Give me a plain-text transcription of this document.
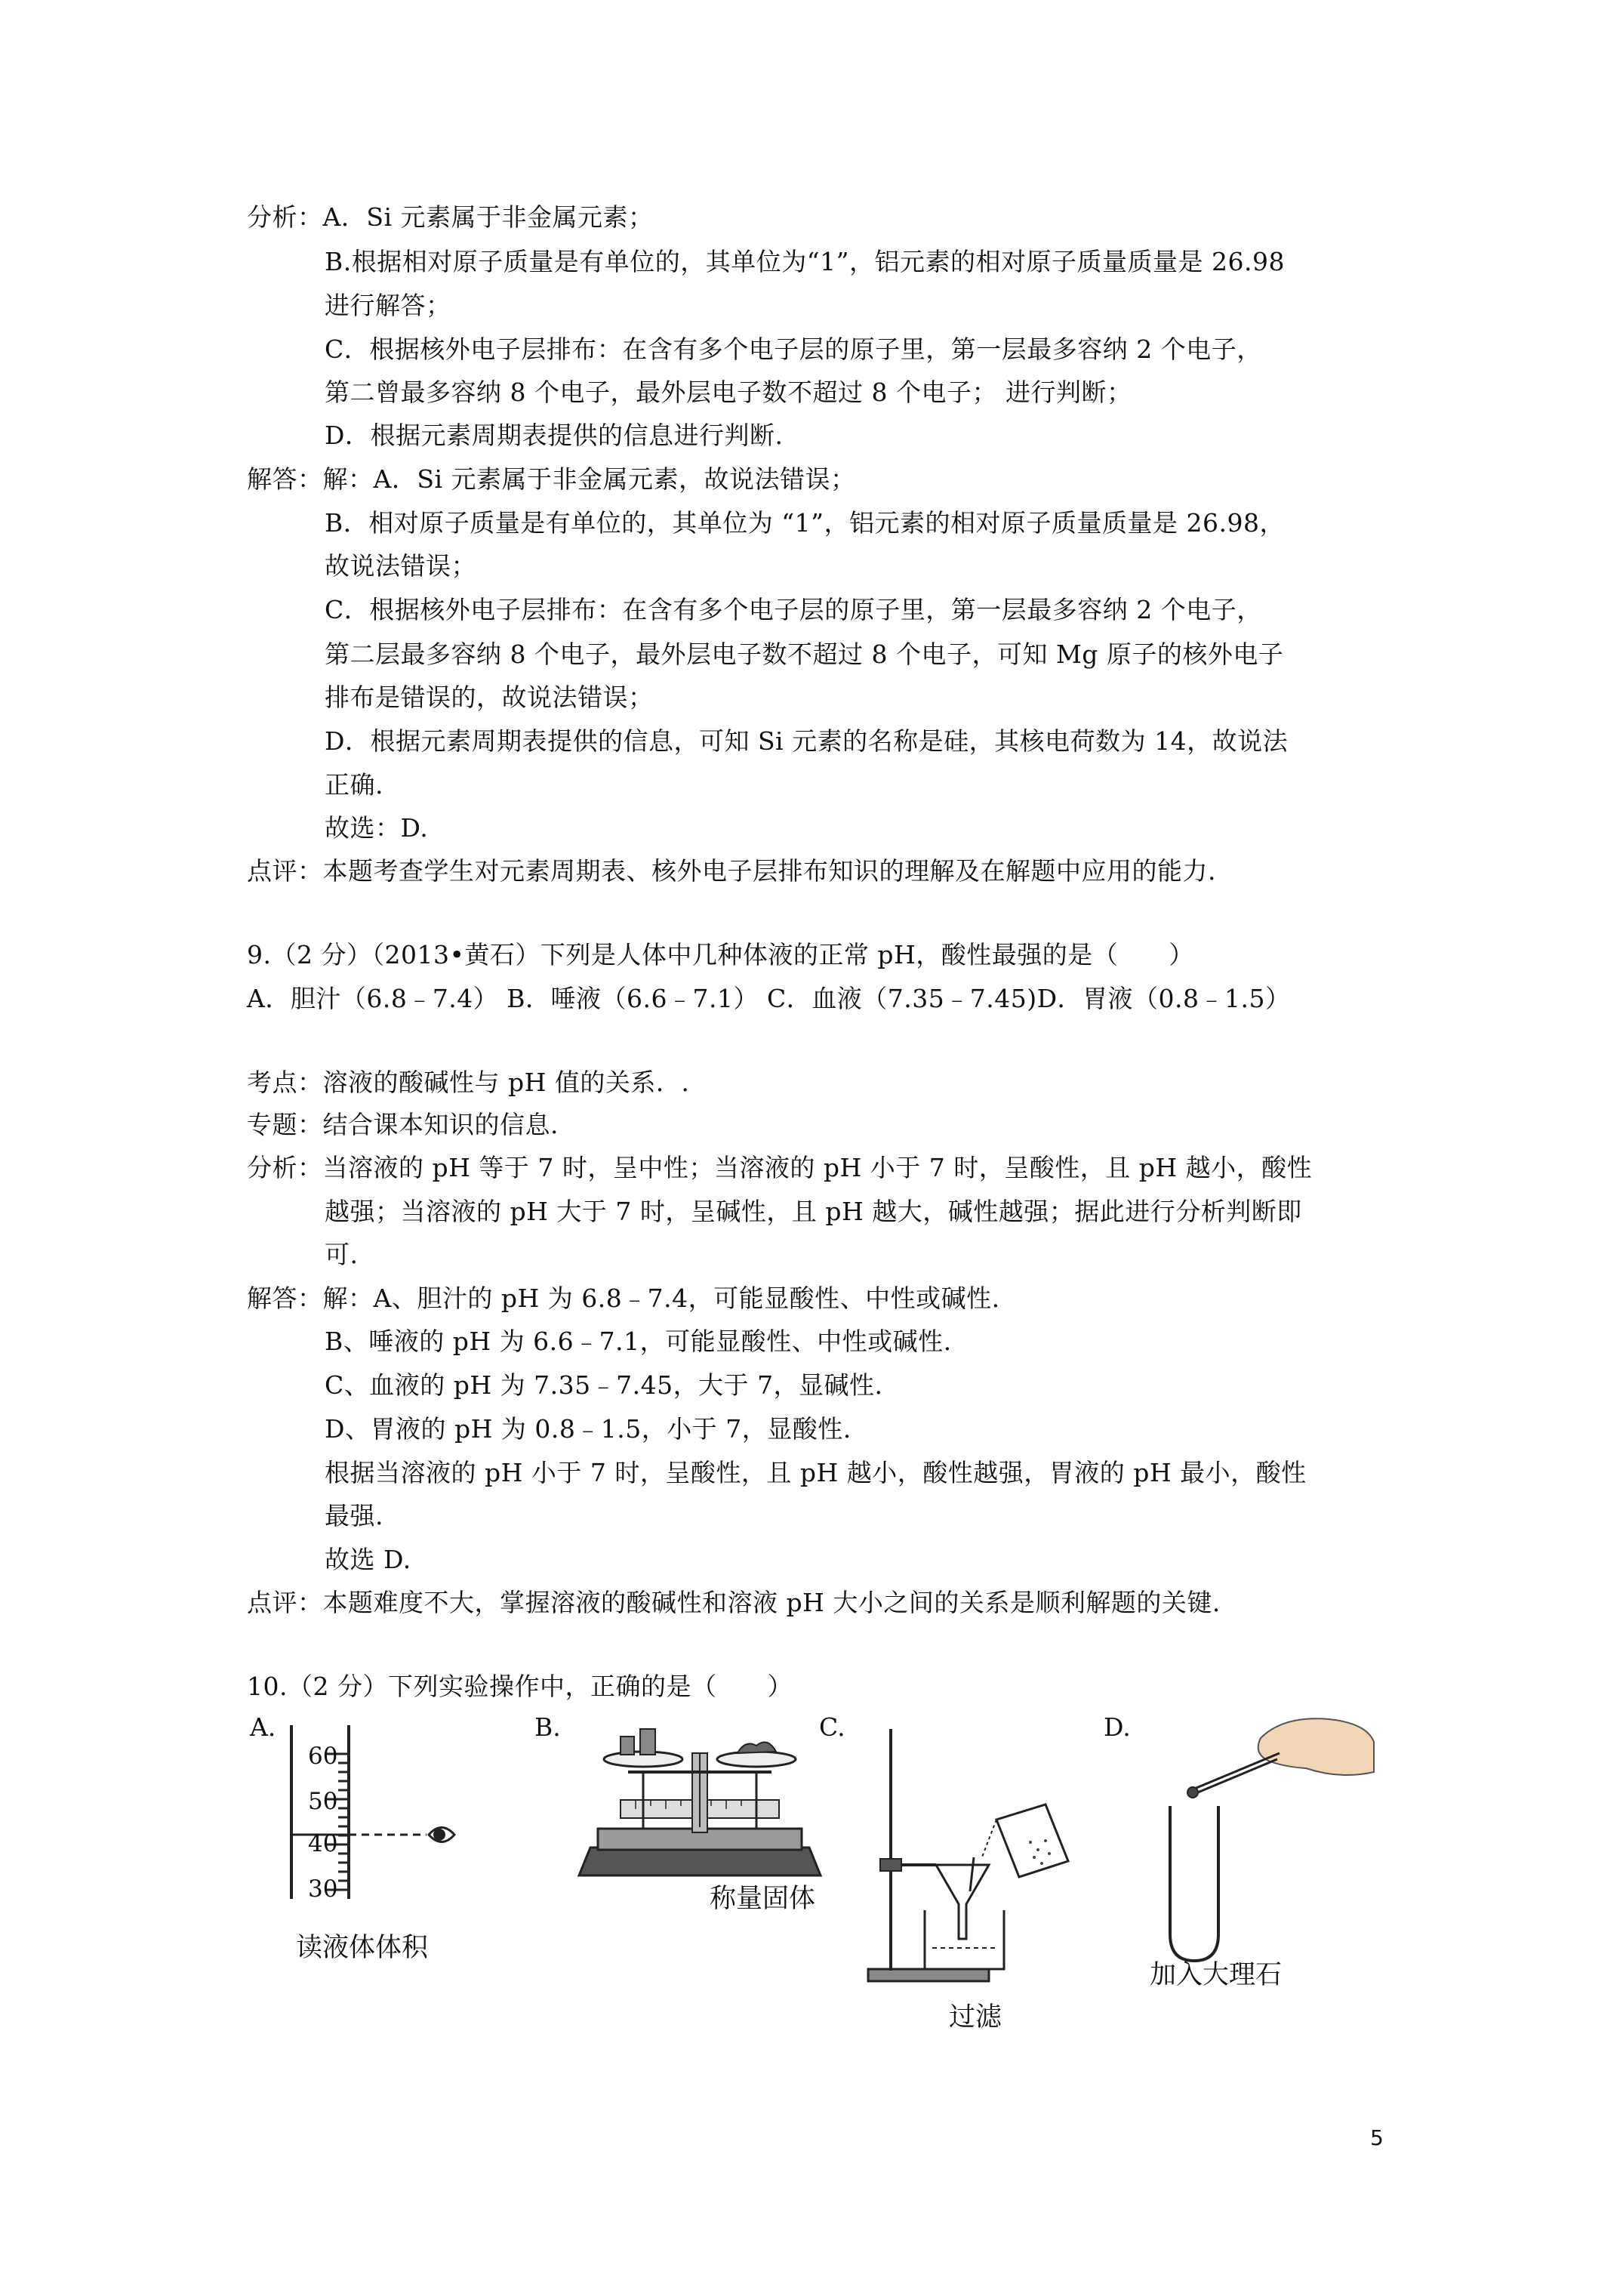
分析：A．Si 元素属于非金属元素；
B.根据相对原子质量是有单位的，其单位为“1”，铝元素的相对原子质量质量是 26.98
进行解答；
C．根据核外电子层排布：在含有多个电子层的原子里，第一层最多容纳 2 个电子，
第二曾最多容纳 8 个电子，最外层电子数不超过 8 个电子； 进行判断；
D．根据元素周期表提供的信息进行判断.
解答：解：A．Si 元素属于非金属元素，故说法错误；
B．相对原子质量是有单位的，其单位为 “1”，铝元素的相对原子质量质量是 26.98，
故说法错误；
C．根据核外电子层排布：在含有多个电子层的原子里，第一层最多容纳 2 个电子，
第二层最多容纳 8 个电子，最外层电子数不超过 8 个电子，可知 Mg 原子的核外电子
排布是错误的，故说法错误；
D．根据元素周期表提供的信息，可知 Si 元素的名称是硅，其核电荷数为 14，故说法
正确.
故选：D.
点评：本题考查学生对元素周期表、核外电子层排布知识的理解及在解题中应用的能力.
9.（2 分）（2013•黄石）下列是人体中几种体液的正常 pH，酸性最强的是（　　）
A．胆汁（6.8﹣7.4） B．唾液（6.6﹣7.1） C．血液（7.35﹣7.45)D．胃液（0.8﹣1.5）
考点：溶液的酸碱性与 pH 值的关系．.
专题：结合课本知识的信息.
分析：当溶液的 pH 等于 7 时，呈中性；当溶液的 pH 小于 7 时，呈酸性，且 pH 越小，酸性
越强；当溶液的 pH 大于 7 时，呈碱性，且 pH 越大，碱性越强；据此进行分析判断即
可.
解答：解：A、胆汁的 pH 为 6.8﹣7.4，可能显酸性、中性或碱性.
B、唾液的 pH 为 6.6﹣7.1，可能显酸性、中性或碱性.
C、血液的 pH 为 7.35﹣7.45，大于 7，显碱性.
D、胃液的 pH 为 0.8﹣1.5，小于 7，显酸性.
根据当溶液的 pH 小于 7 时，呈酸性，且 pH 越小，酸性越强，胃液的 pH 最小，酸性
最强.
故选 D.
点评：本题难度不大，掌握溶液的酸碱性和溶液 pH 大小之间的关系是顺利解题的关键.
10.（2 分）下列实验操作中，正确的是（　　）
A.	B.	C.	D.
60
50
40
30
读液体体积
称量固体
过滤
加入大理石
5
